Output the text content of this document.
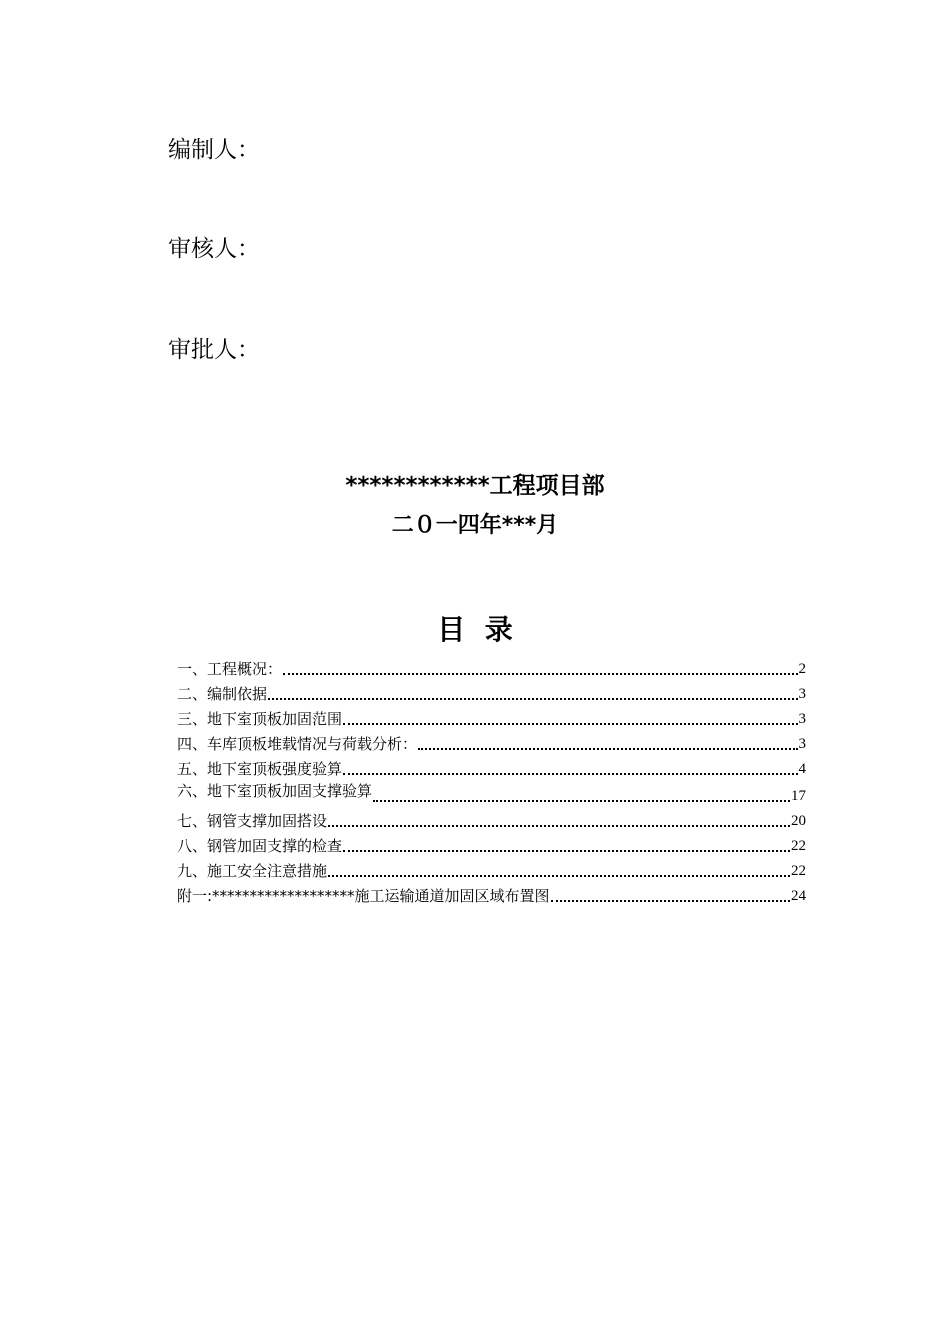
编制人：
审核人：
审批人：
************工程项目部
二０一四年***月
目  录
一、工程概况：	2
二、编制依据	3
三、地下室顶板加固范围	3
四、车库顶板堆载情况与荷载分析：	3
五、地下室顶板强度验算	4
六、地下室顶板加固支撑验算	17
七、钢管支撑加固搭设	20
八、钢管加固支撑的检查	22
九、施工安全注意措施	22
附一:*******************施工运输通道加固区域布置图	24
